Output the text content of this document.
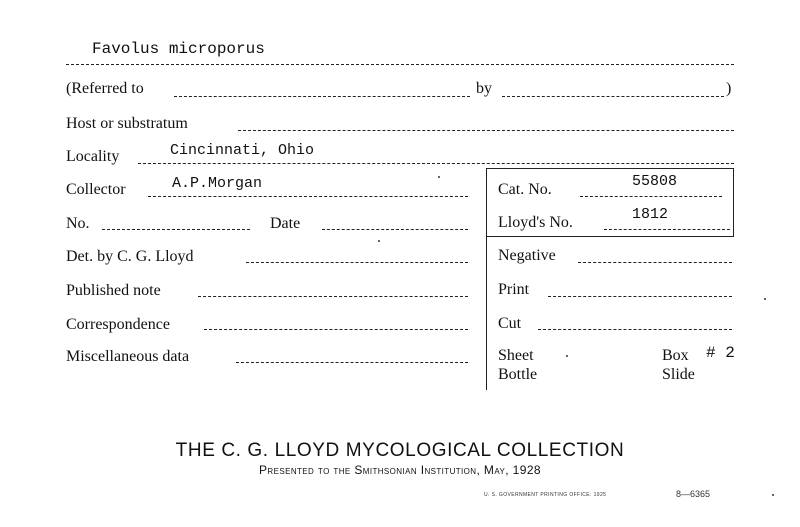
Favolus microporus
(Referred to	by	)
Host or substratum
Locality	Cincinnati, Ohio
Collector	A.P.Morgan
No.	Date
Det. by C. G. Lloyd
Published note
Correspondence
Miscellaneous data
Cat. No.	55808
Lloyd's No.	1812
Negative
Print
Cut
Sheet
Bottle
Box # 2
Slide
THE C. G. LLOYD MYCOLOGICAL COLLECTION
Presented to the Smithsonian Institution, May, 1928
U. S. GOVERNMENT PRINTING OFFICE: 1925	8—6365
